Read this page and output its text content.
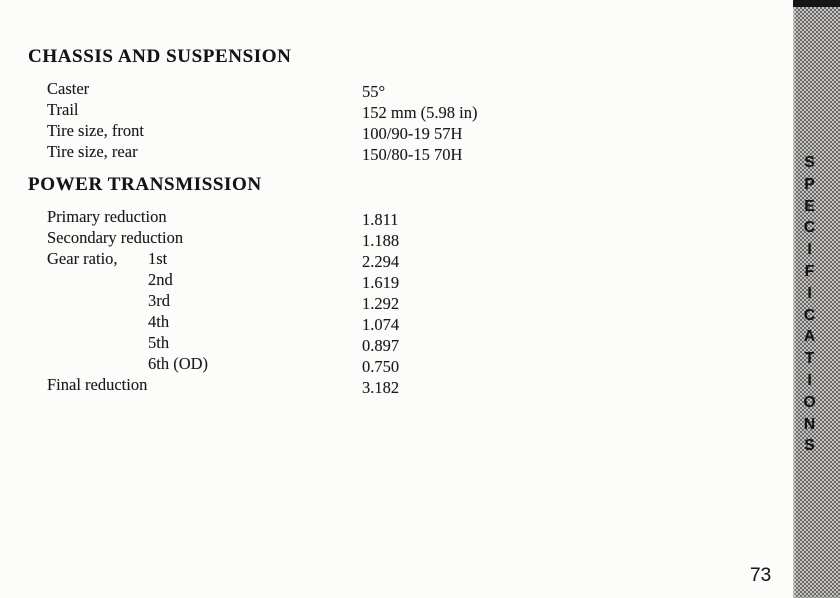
CHASSIS AND SUSPENSION
Caster	55°
Trail	152 mm (5.98 in)
Tire size, front	100/90-19 57H
Tire size, rear	150/80-15 70H
POWER TRANSMISSION
Primary reduction	1.811
Secondary reduction	1.188
Gear ratio, 1st	2.294
2nd	1.619
3rd	1.292
4th	1.074
5th	0.897
6th (OD)	0.750
Final reduction	3.182
S
P
E
C
I
F
I
C
A
T
I
O
N
S
73
